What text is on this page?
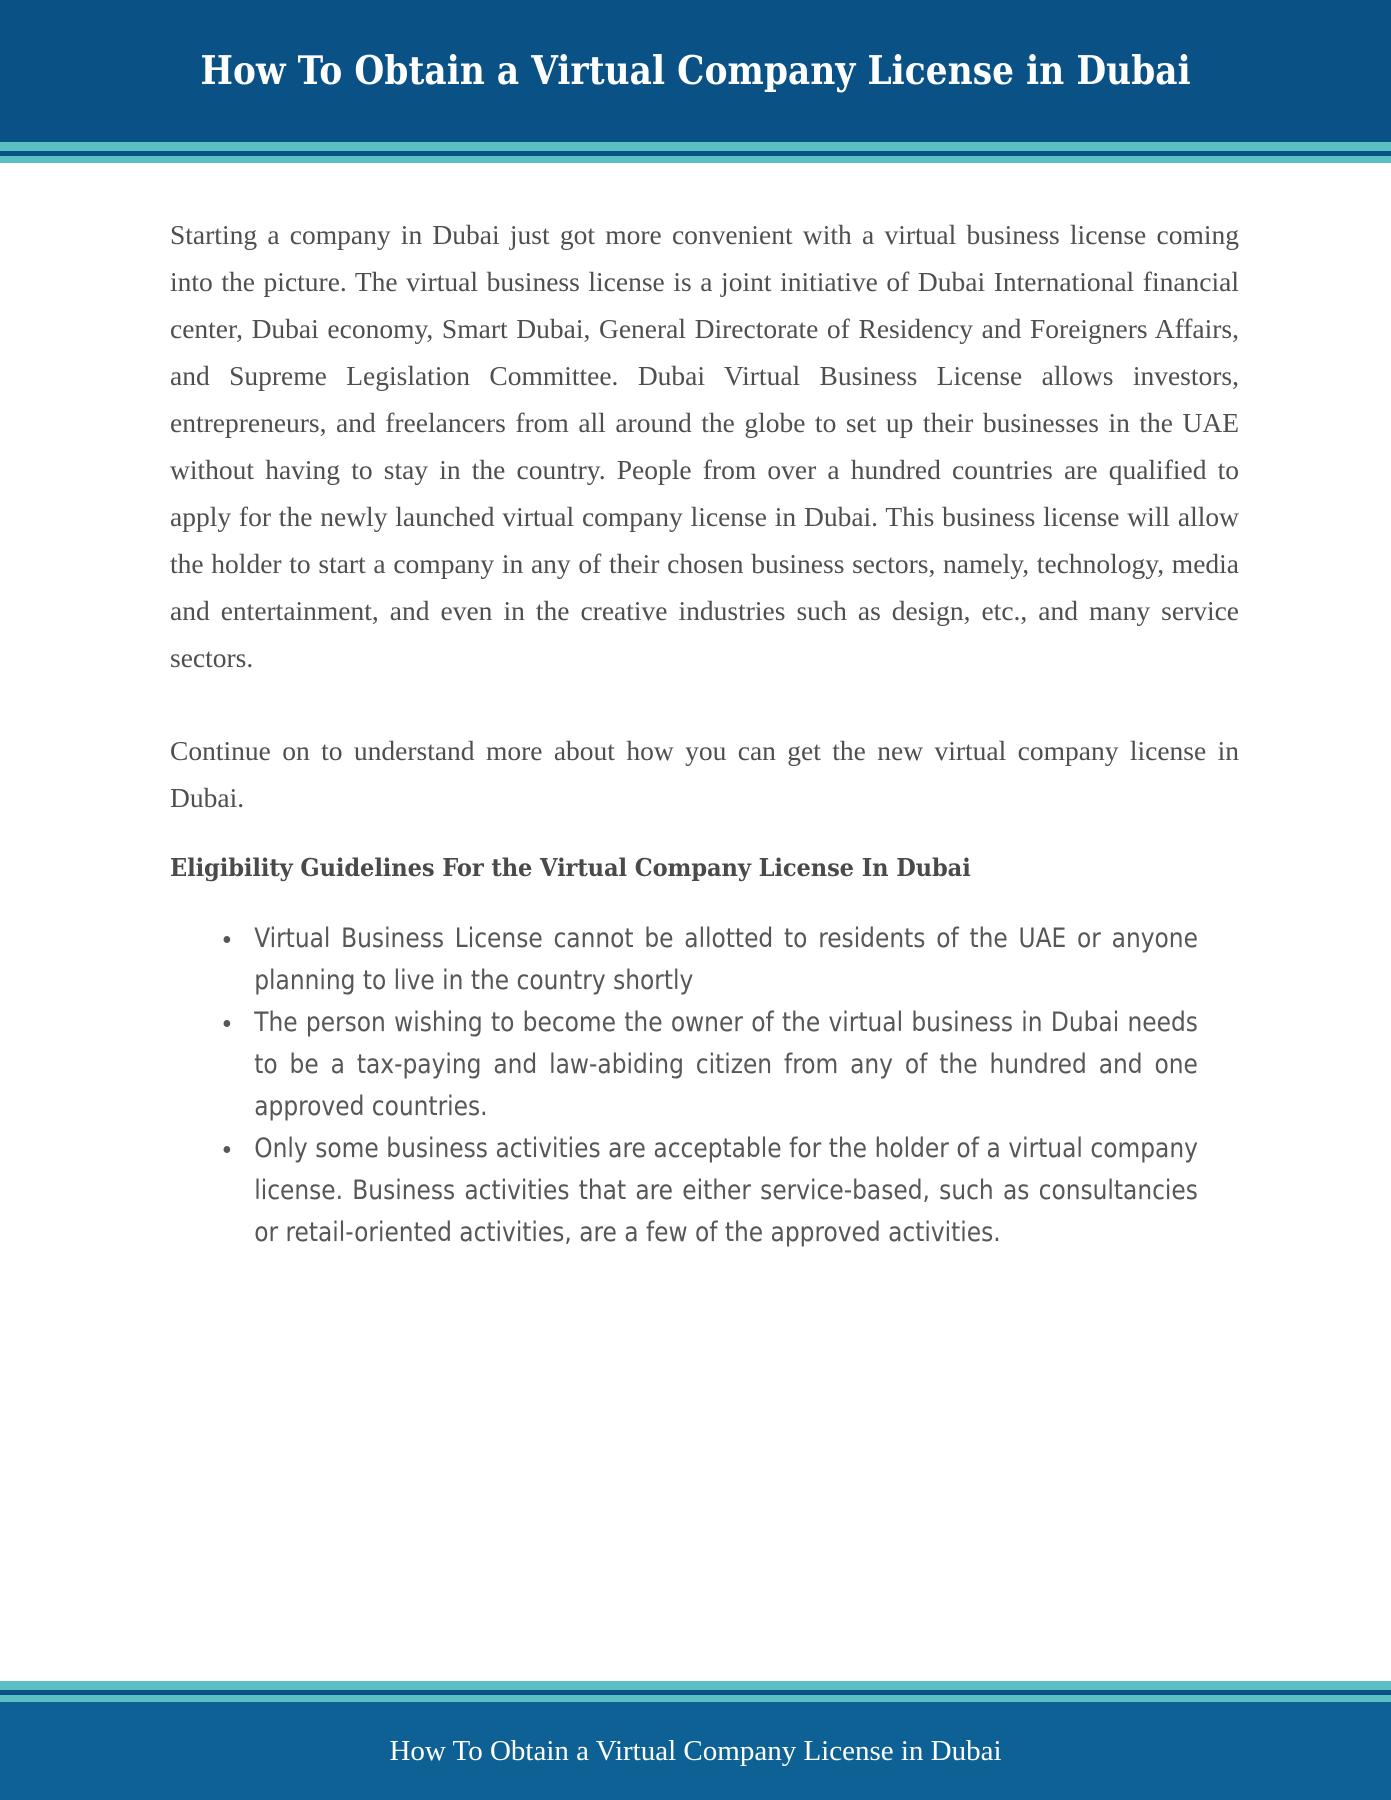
How To Obtain a Virtual Company License in Dubai

Starting a company in Dubai just got more convenient with a virtual business license coming into the picture. The virtual business license is a joint initiative of Dubai International financial center, Dubai economy, Smart Dubai, General Directorate of Residency and Foreigners Affairs, and Supreme Legislation Committee. Dubai Virtual Business License allows investors, entrepreneurs, and freelancers from all around the globe to set up their businesses in the UAE without having to stay in the country. People from over a hundred countries are qualified to apply for the newly launched virtual company license in Dubai. This business license will allow the holder to start a company in any of their chosen business sectors, namely, technology, media and entertainment, and even in the creative industries such as design, etc., and many service sectors.

Continue on to understand more about how you can get the new virtual company license in Dubai.

Eligibility Guidelines For the Virtual Company License In Dubai
Virtual Business License cannot be allotted to residents of the UAE or anyone planning to live in the country shortly
The person wishing to become the owner of the virtual business in Dubai needs to be a tax-paying and law-abiding citizen from any of the hundred and one approved countries.
Only some business activities are acceptable for the holder of a virtual company license. Business activities that are either service-based, such as consultancies or retail-oriented activities, are a few of the approved activities.
How To Obtain a Virtual Company License in Dubai
